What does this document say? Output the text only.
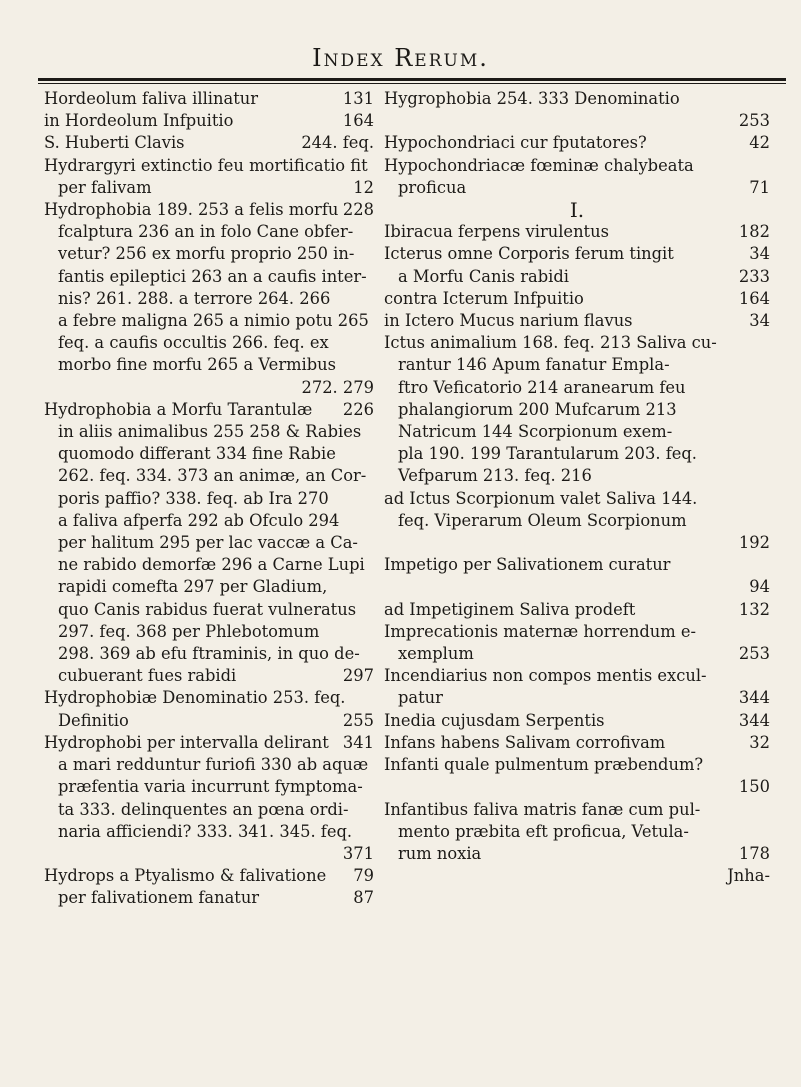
Index Rerum.
Hordeolum faliva illinatur	131
in Hordeolum Infpuitio	164
S. Huberti Clavis	244. feq.
Hydrargyri extinctio feu mortificatio fit
per falivam	12
Hydrophobia 189. 253 a felis morfu 228
fcalptura 236 an in folo Cane obfer-
vetur? 256 ex morfu proprio 250 in-
fantis epileptici 263 an a caufis inter-
nis? 261. 288. a terrore 264. 266
a febre maligna 265 a nimio potu 265
feq. a caufis occultis 266. feq. ex
morbo fine morfu 265 a Vermibus
272. 279
Hydrophobia a Morfu Tarantulæ 226
in aliis animalibus 255 258 & Rabies
quomodo differant 334 fine Rabie
262. feq. 334. 373 an animæ, an Cor-
poris paffio? 338. feq. ab Ira 270
a faliva afperfa 292 ab Ofculo 294
per halitum 295 per lac vaccæ a Ca-
ne rabido demorfæ 296 a Carne Lupi
rapidi comefta 297 per Gladium,
quo Canis rabidus fuerat vulneratus
297. feq. 368 per Phlebotomum
298. 369 ab efu ftraminis, in quo de-
cubuerant fues rabidi	297
Hydrophobiæ Denominatio 253. feq.
Definitio	255
Hydrophobi per intervalla delirant 341
a mari redduntur furiofi 330 ab aquæ
præfentia varia incurrunt fymptoma-
ta 333. delinquentes an pœna ordi-
naria afficiendi? 333. 341. 345. feq.
371
Hydrops a Ptyalismo & falivatione 79
per falivationem fanatur	87
Hygrophobia 254. 333 Denominatio
253
Hypochondriaci cur fputatores?	42
Hypochondriacæ fœminæ chalybeata
proficua	71
I.
Ibiracua ferpens virulentus	182
Icterus omne Corporis ferum tingit	34
a Morfu Canis rabidi	233
contra Icterum Infpuitio	164
in Ictero Mucus narium flavus	34
Ictus animalium 168. feq. 213 Saliva cu-
rantur 146 Apum fanatur Empla-
ftro Veficatorio 214 aranearum feu
phalangiorum 200 Mufcarum 213
Natricum 144 Scorpionum exem-
pla 190. 199 Tarantularum 203. feq.
Vefparum 213. feq. 216
ad Ictus Scorpionum valet Saliva 144.
feq. Viperarum Oleum Scorpionum
192
Impetigo per Salivationem curatur
94
ad Impetiginem Saliva prodeft	132
Imprecationis maternæ horrendum e-
xemplum	253
Incendiarius non compos mentis excul-
patur	344
Inedia cujusdam Serpentis	344
Infans habens Salivam corrofivam	32
Infanti quale pulmentum præbendum?
150
Infantibus faliva matris fanæ cum pul-
mento præbita eft proficua, Vetula-
rum noxia	178
Jnha-
